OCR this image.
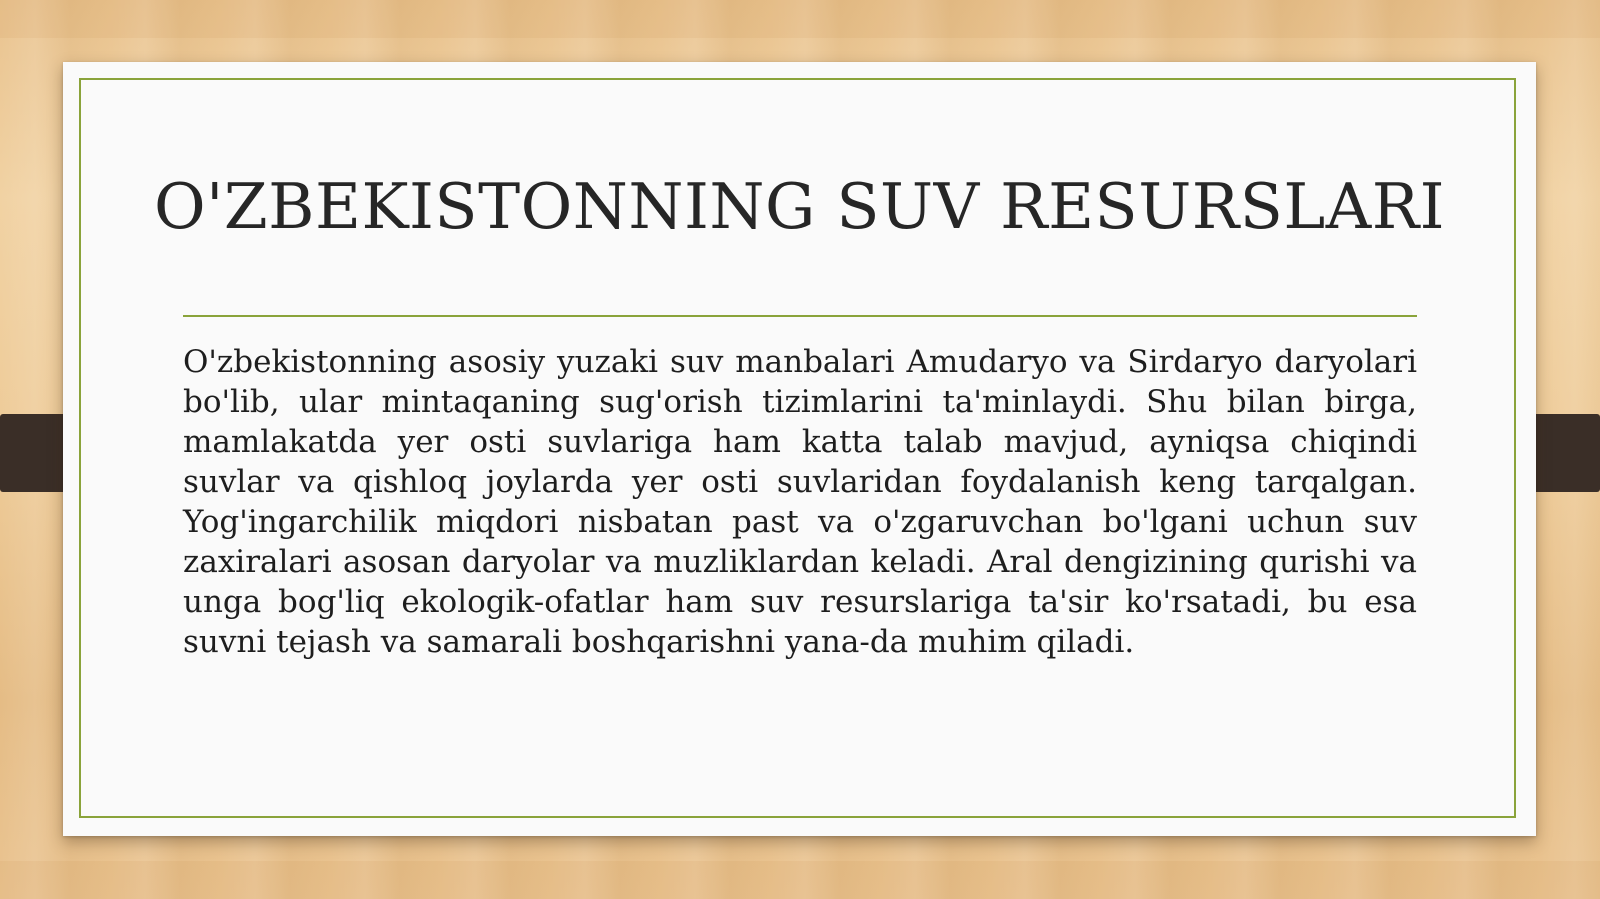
O'ZBEKISTONNING SUV RESURSLARI

O'zbekistonning asosiy yuzaki suv manbalari Amudaryo va Sirdaryo daryolari bo'lib, ular mintaqaning sug'orish tizimlarini ta'minlaydi. Shu bilan birga, mamlakatda yer osti suvlariga ham katta talab mavjud, ayniqsa chiqindi suvlar va qishloq joylarda yer osti suvlaridan foydalanish keng tarqalgan. Yog'ingarchilik miqdori nisbatan past va o'zgaruvchan bo'lgani uchun suv zaxiralari asosan daryolar va muzliklardan keladi. Aral dengizining qurishi va unga bog'liq ekologik-ofatlar ham suv resurslariga ta'sir ko'rsatadi, bu esa suvni tejash va samarali boshqarishni yana-da muhim qiladi.
